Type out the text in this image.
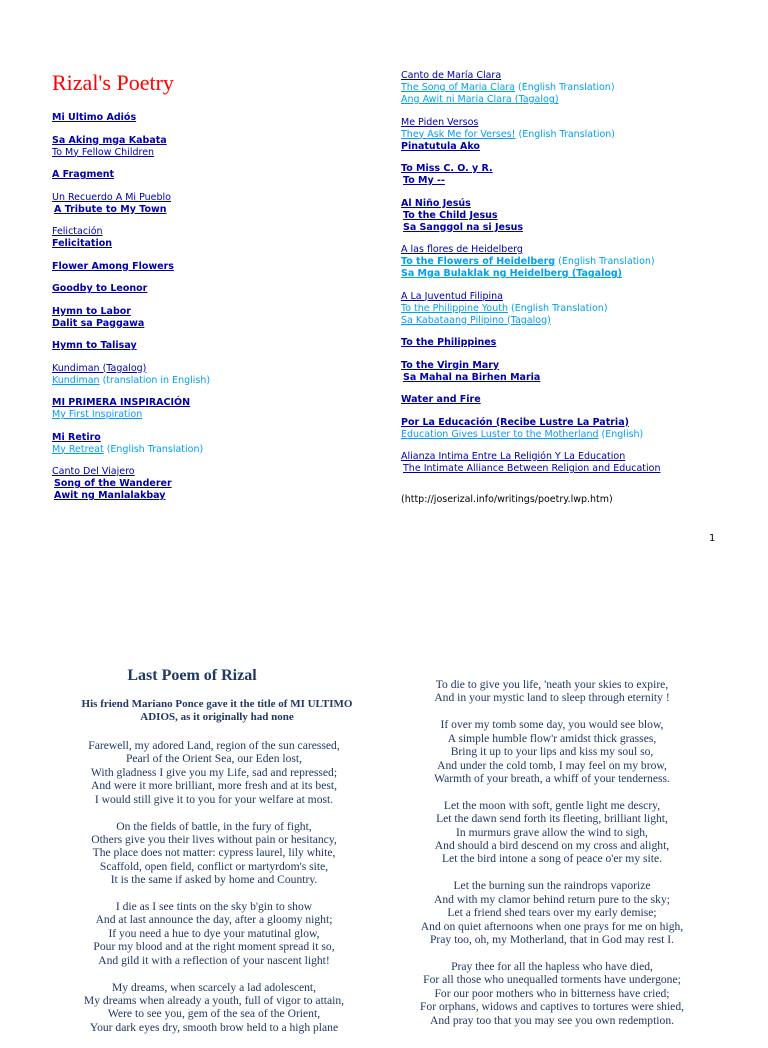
Rizal's Poetry
Mi Ultimo Adiós
Sa Aking mga Kabata
To My Fellow Children
A Fragment
Un Recuerdo A Mi Pueblo
A Tribute to My Town
Felictación
Felicitation
Flower Among Flowers
Goodby to Leonor
Hymn to Labor
Dalit sa Paggawa
Hymn to Talisay
Kundiman (Tagalog)
Kundiman (translation in English)
MI PRIMERA INSPIRACIÓN
My First Inspiration
Mi Retiro
My Retreat (English Translation)
Canto Del Viajero
Song of the Wanderer
Awit ng Manlalakbay
Canto de María Clara
The Song of Maria Clara (English Translation)
Ang Awit ni Maria Clara (Tagalog)
Me Piden Versos
They Ask Me for Verses! (English Translation)
Pinatutula Ako
To Miss C. O. y R.
To My --
Al Niño Jesús
To the Child Jesus
Sa Sanggol na si Jesus
A las flores de Heidelberg
To the Flowers of Heidelberg (English Translation)
Sa Mga Bulaklak ng Heidelberg (Tagalog)
A La Juventud Filipina
To the Philippine Youth (English Translation)
Sa Kabataang Pilipino (Tagalog)
To the Philippines
To the Virgin Mary
Sa Mahal na Birhen Maria
Water and Fire
Por La Educación (Recibe Lustre La Patria)
Education Gives Luster to the Motherland (English)
Alianza Intima Entre La Religión Y La Education
The Intimate Alliance Between Religion and Education
(http://joserizal.info/writings/poetry.lwp.htm)
1
Last Poem of Rizal

His friend Mariano Ponce gave it the title of MI ULTIMO
ADIOS, as it originally had none

Farewell, my adored Land, region of the sun caressed,
Pearl of the Orient Sea, our Eden lost,
With gladness I give you my Life, sad and repressed;
And were it more brilliant, more fresh and at its best,
I would still give it to you for your welfare at most.
On the fields of battle, in the fury of fight,
Others give you their lives without pain or hesitancy,
The place does not matter: cypress laurel, lily white,
Scaffold, open field, conflict or martyrdom's site,
It is the same if asked by home and Country.
I die as I see tints on the sky b'gin to show
And at last announce the day, after a gloomy night;
If you need a hue to dye your matutinal glow,
Pour my blood and at the right moment spread it so,
And gild it with a reflection of your nascent light!
My dreams, when scarcely a lad adolescent,
My dreams when already a youth, full of vigor to attain,
Were to see you, gem of the sea of the Orient,
Your dark eyes dry, smooth brow held to a high plane
To die to give you life, 'neath your skies to expire,
And in your mystic land to sleep through eternity !
If over my tomb some day, you would see blow,
A simple humble flow'r amidst thick grasses,
Bring it up to your lips and kiss my soul so,
And under the cold tomb, I may feel on my brow,
Warmth of your breath, a whiff of your tenderness.
Let the moon with soft, gentle light me descry,
Let the dawn send forth its fleeting, brilliant light,
In murmurs grave allow the wind to sigh,
And should a bird descend on my cross and alight,
Let the bird intone a song of peace o'er my site.
Let the burning sun the raindrops vaporize
And with my clamor behind return pure to the sky;
Let a friend shed tears over my early demise;
And on quiet afternoons when one prays for me on high,
Pray too, oh, my Motherland, that in God may rest I.
Pray thee for all the hapless who have died,
For all those who unequalled torments have undergone;
For our poor mothers who in bitterness have cried;
For orphans, widows and captives to tortures were shied,
And pray too that you may see you own redemption.
